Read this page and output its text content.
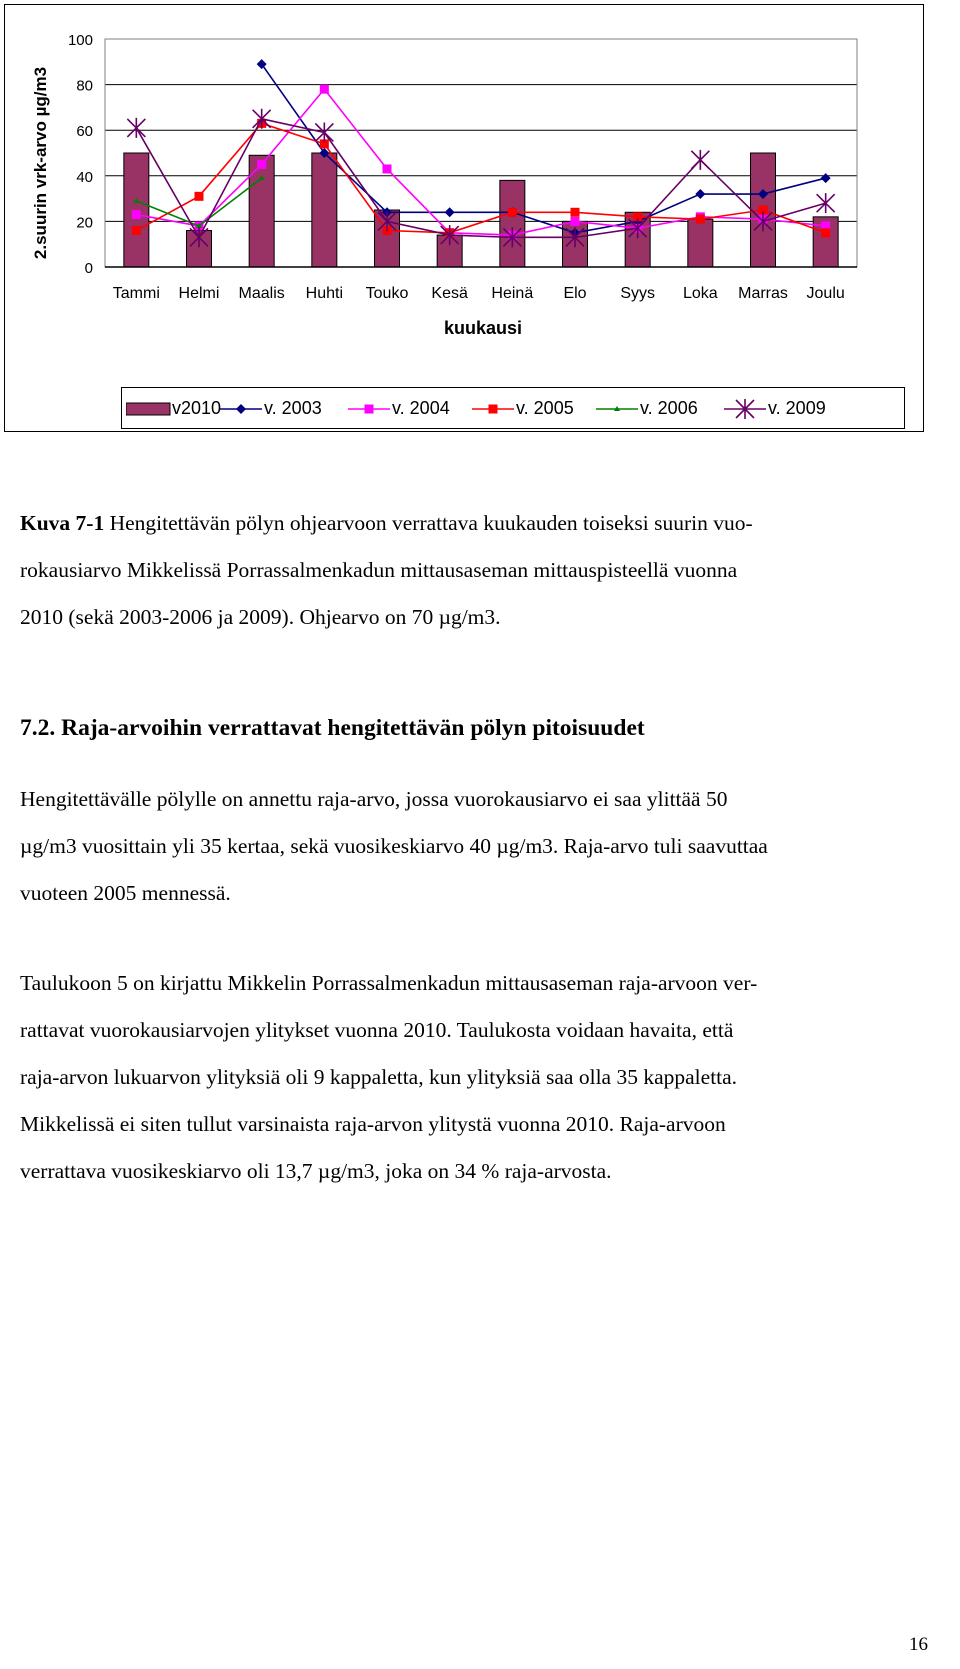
0
20
40
60
80
100
Tammi Helmi Maalis Huhti Touko Kesä Heinä Elo Syys Loka Marras Joulu
kuukausi
2.suurin vrk-arvo µg/m3
v2010	v. 2003	v. 2004	v. 2005	v. 2006	v. 2009
Kuva 7-1 Hengitettävän pölyn ohjearvoon verrattava kuukauden toiseksi suurin vuo-
rokausiarvo Mikkelissä Porrassalmenkadun mittausaseman mittauspisteellä vuonna
2010 (sekä 2003-2006 ja 2009). Ohjearvo on 70 µg/m3.
7.2. Raja-arvoihin verrattavat hengitettävän pölyn pitoisuudet
Hengitettävälle pölylle on annettu raja-arvo, jossa vuorokausiarvo ei saa ylittää 50
µg/m3 vuosittain yli 35 kertaa, sekä vuosikeskiarvo 40 µg/m3. Raja-arvo tuli saavuttaa
vuoteen 2005 mennessä.
Taulukoon 5 on kirjattu Mikkelin Porrassalmenkadun mittausaseman raja-arvoon ver-
rattavat vuorokausiarvojen ylitykset vuonna 2010. Taulukosta voidaan havaita, että
raja-arvon lukuarvon ylityksiä oli 9 kappaletta, kun ylityksiä saa olla 35 kappaletta.
Mikkelissä ei siten tullut varsinaista raja-arvon ylitystä vuonna 2010. Raja-arvoon
verrattava vuosikeskiarvo oli 13,7 µg/m3, joka on 34 % raja-arvosta.
16
